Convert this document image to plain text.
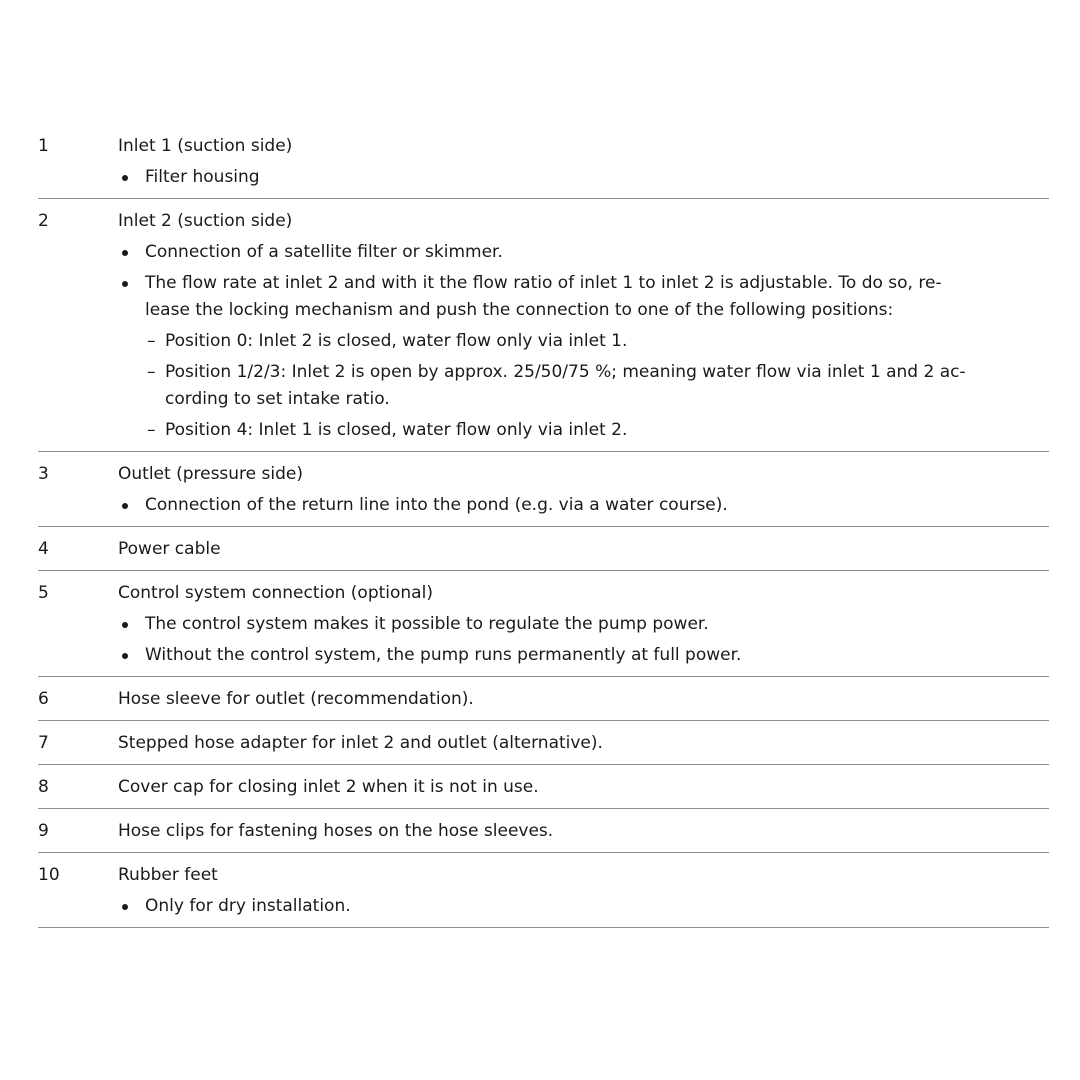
1	Inlet 1 (suction side)
Filter housing
2	Inlet 2 (suction side)
Connection of a satellite filter or skimmer.
The flow rate at inlet 2 and with it the flow ratio of inlet 1 to inlet 2 is adjustable. To do so, re-
lease the locking mechanism and push the connection to one of the following positions:
– Position 0: Inlet 2 is closed, water flow only via inlet 1.
– Position 1/2/3: Inlet 2 is open by approx. 25/50/75 %; meaning water flow via inlet 1 and 2 ac-
cording to set intake ratio.
– Position 4: Inlet 1 is closed, water flow only via inlet 2.
3	Outlet (pressure side)
Connection of the return line into the pond (e.g. via a water course).
4	Power cable
5	Control system connection (optional)
The control system makes it possible to regulate the pump power.
Without the control system, the pump runs permanently at full power.
6	Hose sleeve for outlet (recommendation).
7	Stepped hose adapter for inlet 2 and outlet (alternative).
8	Cover cap for closing inlet 2 when it is not in use.
9	Hose clips for fastening hoses on the hose sleeves.
10	Rubber feet
Only for dry installation.
